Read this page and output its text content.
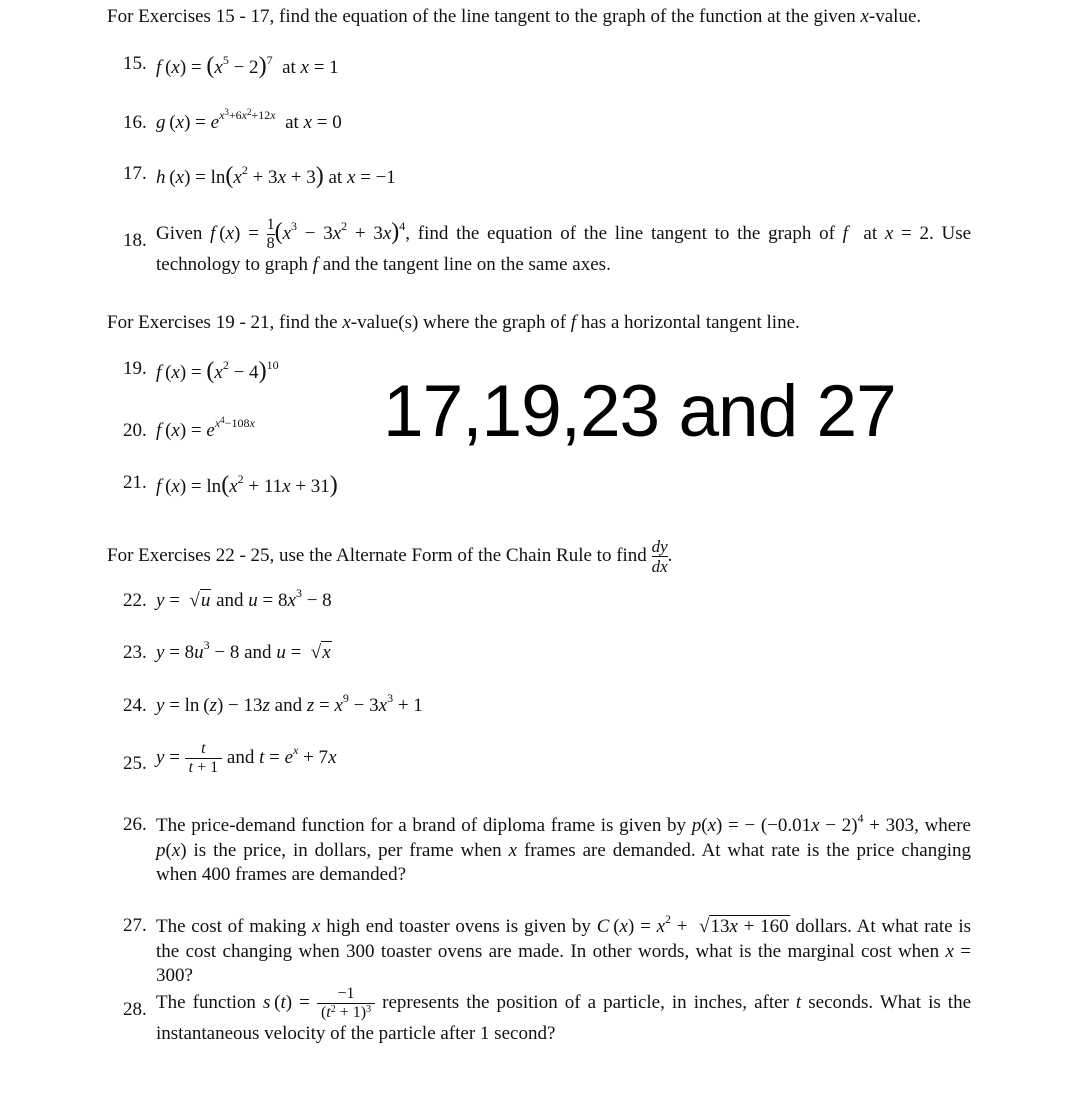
For Exercises 15 - 17, find the equation of the line tangent to the graph of the function at the given x-value.
15. f $(x) = (x^5 - 2)^7$  at x = 1
16. g $(x) = e^{x^3+6x^2+12x}$  at x = 0
17. h $(x) = \ln(x^2 + 3x + 3)$ at x = −1
18. Given f $(x) = \frac{1}{8} (x^3 - 3x^2 + 3x)^4$, find the equation of the line tangent to the graph of f  at x = 2. Use technology to graph f and the tangent line on the same axes.
For Exercises 19 - 21, find the x-value(s) where the graph of f has a horizontal tangent line.
19. f $(x) = (x^2 - 4)^{10}$
20. f $(x) = e^{x^4-108x}$
21. f $(x) = \ln(x^2 + 11x + 31)$
17,19,23 and 27
For Exercises 22 - 25, use the Alternate Form of the Chain Rule to find $\frac{dy}{dx}$ .
22. y =  √u and $u = 8x^3 - 8$
23. $y = 8u^3 - 8$ and u =  √x
24. y = ln (z) − 13z and $z = x^9 - 3x^3 + 1$
25. $y = \frac{t}{t + 1}$ and $t = e^x + 7x$
26. The price-demand function for a brand of diploma frame is given by p(x) = − $(-0.01x - 2)^4 + 303$, where p(x) is the price, in dollars, per frame when x frames are demanded. At what rate is the price changing when 400 frames are demanded?
27. The cost of making x high end toaster ovens is given by C $(x) = x^2 + √13x + 160$ dollars. At what rate is the cost changing when 300 toaster ovens are made. In other words, what is the marginal cost when x = 300?
28. The function s $(t) = \frac{-1}{(t^2 + 1)^3}$ represents the position of a particle, in inches, after t seconds. What is the instantaneous velocity of the particle after 1 second?
